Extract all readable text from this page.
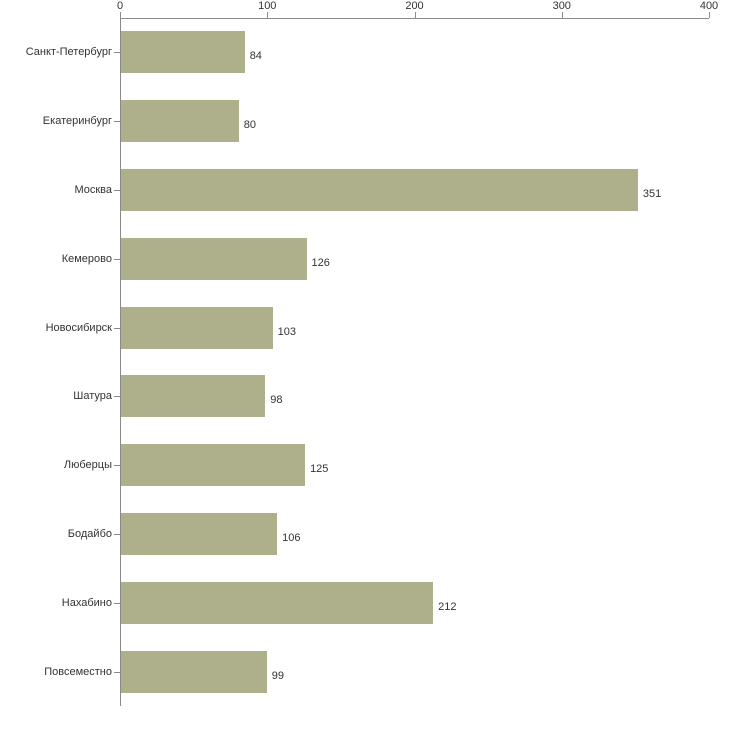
0	100	200	300	400
Санкт-Петербург
Екатеринбург
Москва
Кемерово
Новосибирск
Шатура
Люберцы
Бодайбо
Нахабино
Повсеместно
84
80
351
126
103
98
125
106
212
99
